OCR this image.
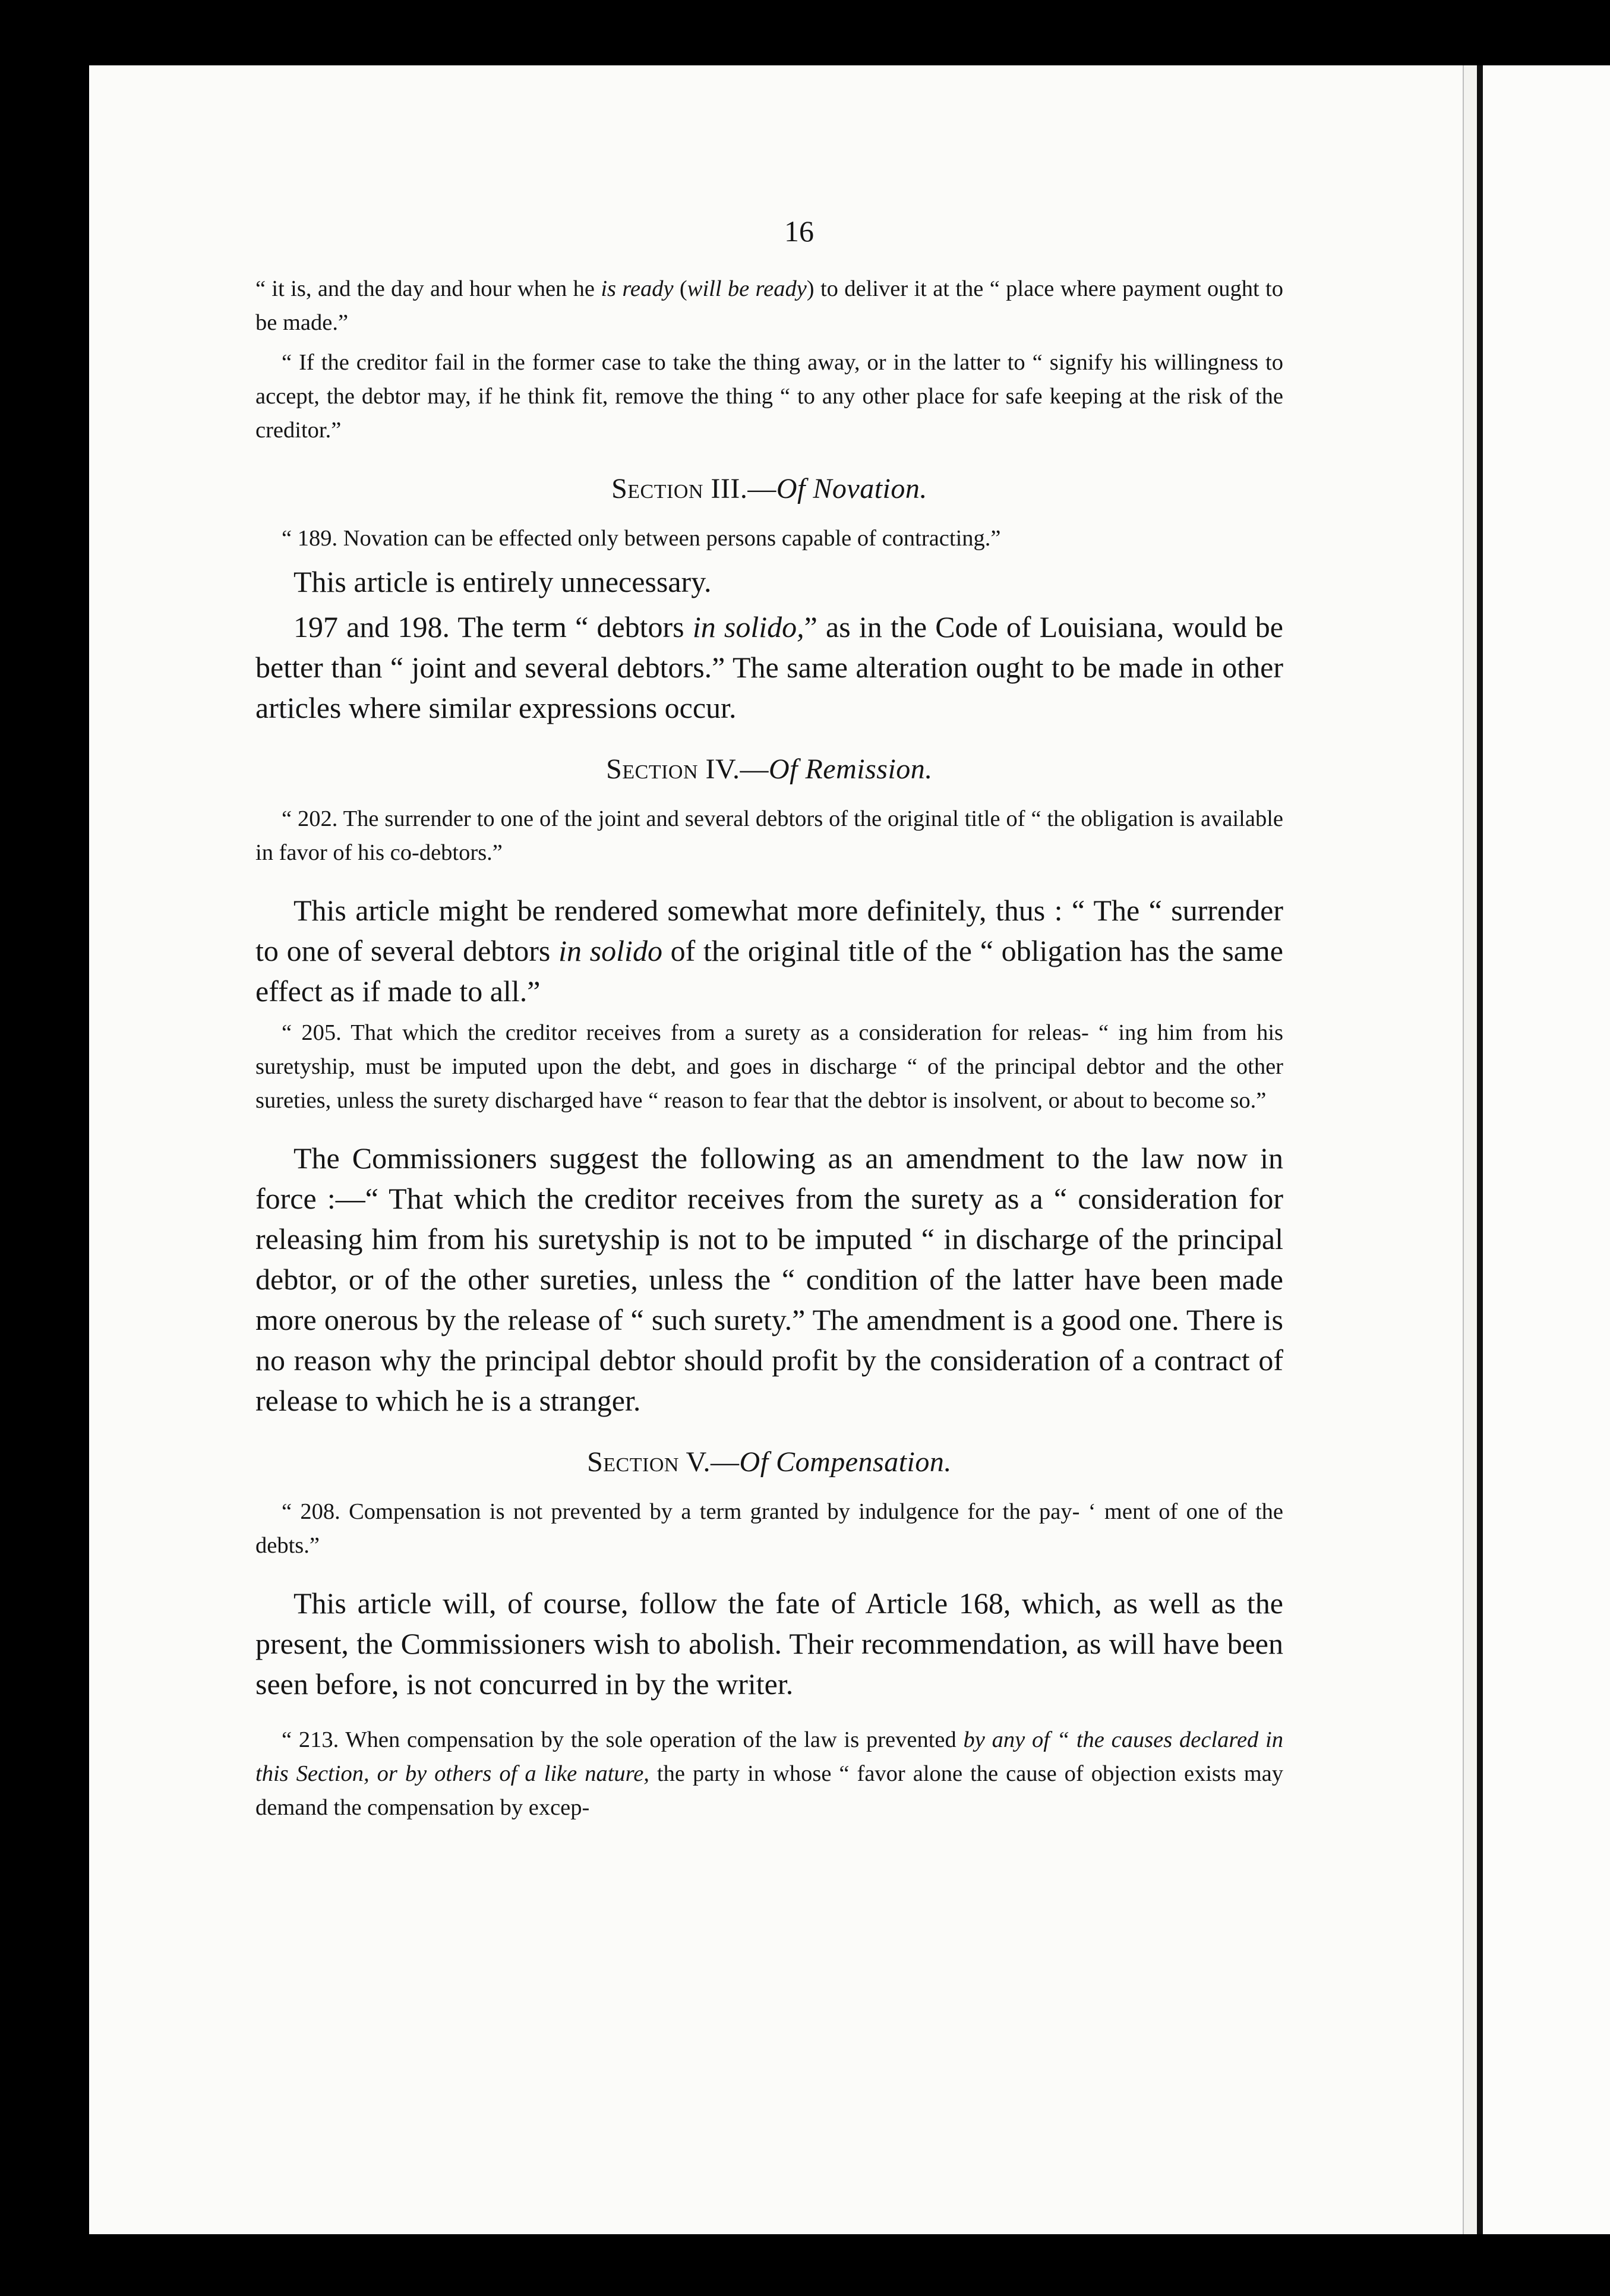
16

“ it is, and the day and hour when he is ready (will be ready) to deliver it at the “ place where payment ought to be made.”

“ If the creditor fail in the former case to take the thing away, or in the latter to “ signify his willingness to accept, the debtor may, if he think fit, remove the thing “ to any other place for safe keeping at the risk of the creditor.”

Section III.—Of Novation.

“ 189. Novation can be effected only between persons capable of contracting.”

This article is entirely unnecessary.

197 and 198. The term “ debtors in solido,” as in the Code of Louisiana, would be better than “ joint and several debtors.” The same alteration ought to be made in other articles where similar expressions occur.

Section IV.—Of Remission.

“ 202. The surrender to one of the joint and several debtors of the original title of “ the obligation is available in favor of his co-debtors.”

This article might be rendered somewhat more definitely, thus : “ The “ surrender to one of several debtors in solido of the original title of the “ obligation has the same effect as if made to all.”

“ 205. That which the creditor receives from a surety as a consideration for releas- “ ing him from his suretyship, must be imputed upon the debt, and goes in discharge “ of the principal debtor and the other sureties, unless the surety discharged have “ reason to fear that the debtor is insolvent, or about to become so.”

The Commissioners suggest the following as an amendment to the law now in force :—“ That which the creditor receives from the surety as a “ consideration for releasing him from his suretyship is not to be imputed “ in discharge of the principal debtor, or of the other sureties, unless the “ condition of the latter have been made more onerous by the release of “ such surety.” The amendment is a good one. There is no reason why the principal debtor should profit by the consideration of a contract of release to which he is a stranger.

Section V.—Of Compensation.

“ 208. Compensation is not prevented by a term granted by indulgence for the pay- ‘ ment of one of the debts.”

This article will, of course, follow the fate of Article 168, which, as well as the present, the Commissioners wish to abolish. Their recommendation, as will have been seen before, is not concurred in by the writer.

“ 213. When compensation by the sole operation of the law is prevented by any of “ the causes declared in this Section, or by others of a like nature, the party in whose “ favor alone the cause of objection exists may demand the compensation by excep-
